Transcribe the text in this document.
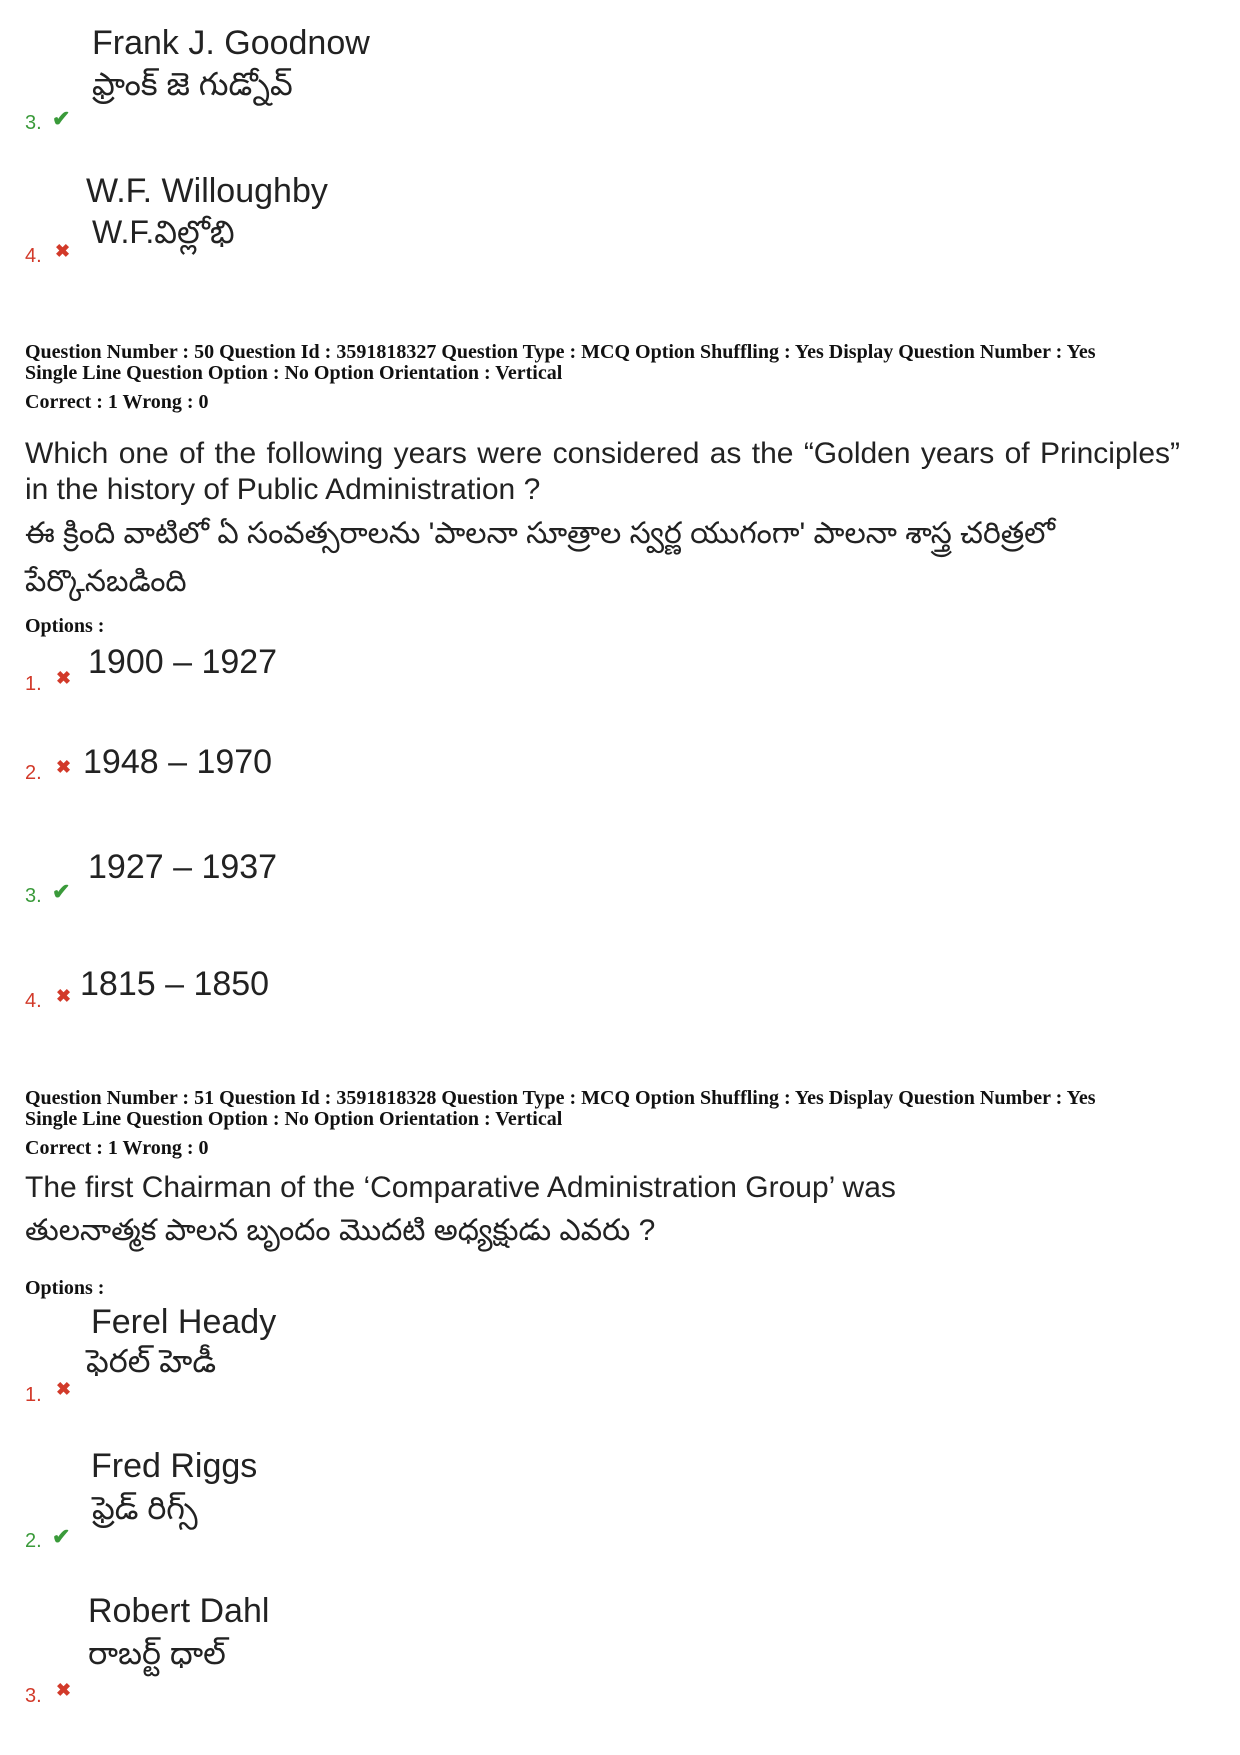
Frank J. Goodnow
ఫ్రాంక్ జె గుడ్నోవ్
3. ✔
W.F. Willoughby
W.F.విల్లోభి
4. ✖
Question Number : 50 Question Id : 3591818327 Question Type : MCQ Option Shuffling : Yes Display Question Number : Yes
Single Line Question Option : No Option Orientation : Vertical
Correct : 1 Wrong : 0
Which one of the following years were considered as the “Golden years of Principles” in the history of Public Administration ?
ఈ క్రింది వాటిలో ఏ సంవత్సరాలను 'పాలనా సూత్రాల స్వర్ణ యుగంగా' పాలనా శాస్త్ర చరిత్రలో పేర్కొనబడింది
Options :
1900 – 1927
1. ✖
1948 – 1970
2. ✖
1927 – 1937
3. ✔
1815 – 1850
4. ✖
Question Number : 51 Question Id : 3591818328 Question Type : MCQ Option Shuffling : Yes Display Question Number : Yes
Single Line Question Option : No Option Orientation : Vertical
Correct : 1 Wrong : 0
The first Chairman of the ‘Comparative Administration Group’ was
తులనాత్మక పాలన బృందం మొదటి అధ్యక్షుడు ఎవరు ?
Options :
Ferel Heady
ఫెరల్ హెడీ
1. ✖
Fred Riggs
ఫ్రెడ్ రిగ్స్
2. ✔
Robert Dahl
రాబర్ట్ ధాల్
3. ✖
